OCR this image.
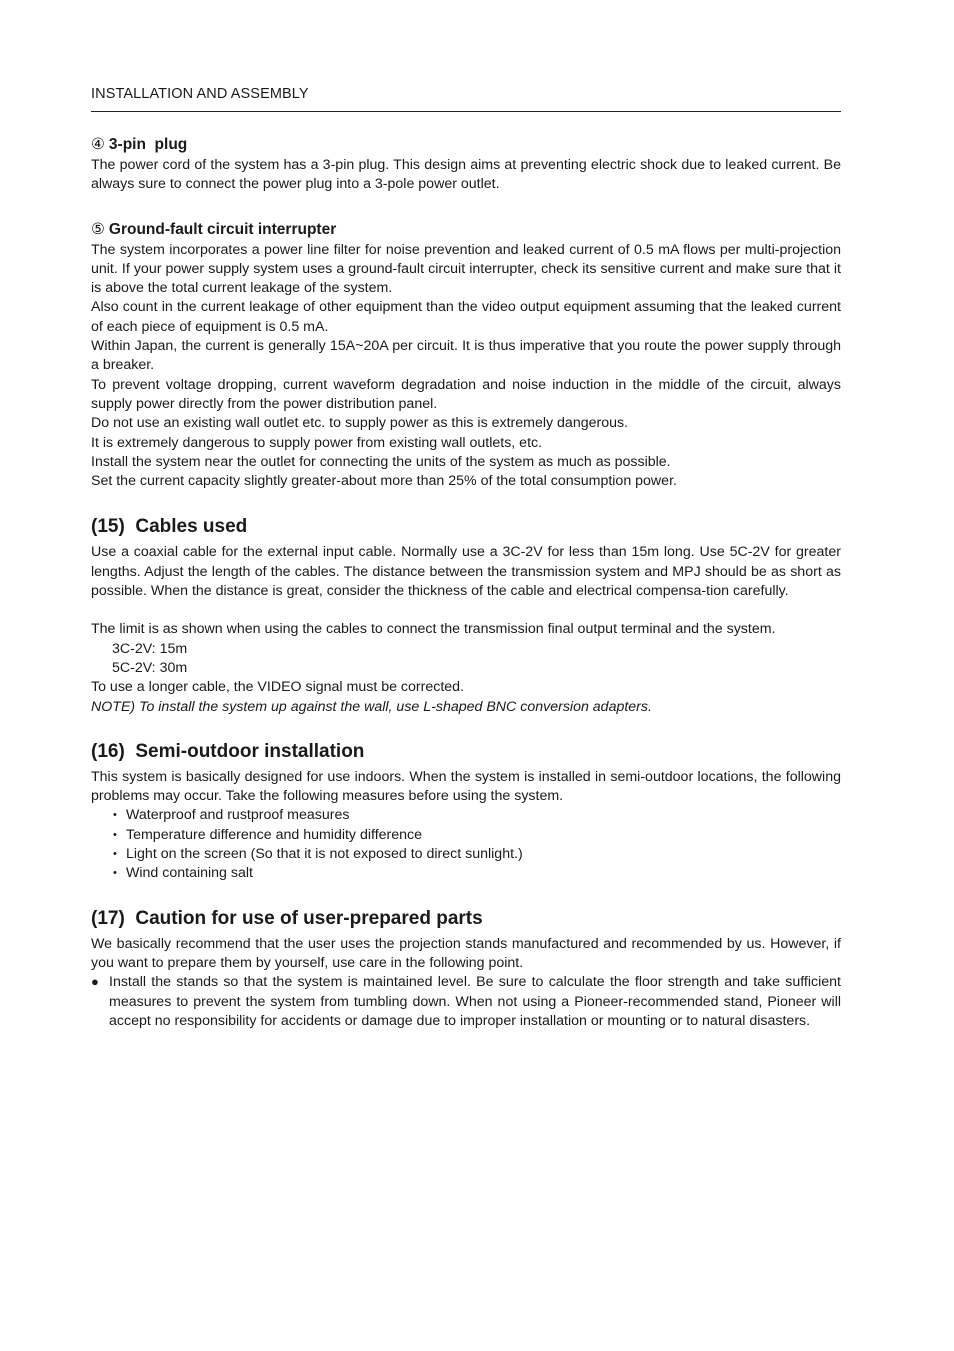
INSTALLATION AND ASSEMBLY
④ 3-pin  plug

The power cord of the system has a 3-pin plug. This design aims at preventing electric shock due to leaked current. Be always sure to connect the power plug into a 3-pole power outlet.

⑤ Ground-fault circuit interrupter

The system incorporates a power line filter for noise prevention and leaked current of 0.5 mA flows per multi-projection unit. If your power supply system uses a ground-fault circuit interrupter, check its sensitive current and make sure that it is above the total current leakage of the system.

Also count in the current leakage of other equipment than the video output equipment assuming that the leaked current of each piece of equipment is 0.5 mA.

Within Japan, the current is generally 15A~20A per circuit. It is thus imperative that you route the power supply through a breaker.

To prevent voltage dropping, current waveform degradation and noise induction in the middle of the circuit, always supply power directly from the power distribution panel.

Do not use an existing wall outlet etc. to supply power as this is extremely dangerous.

It is extremely dangerous to supply power from existing wall outlets, etc.

Install the system near the outlet for connecting the units of the system as much as possible.

Set the current capacity slightly greater-about more than 25% of the total consumption power.

(15)  Cables used

Use a coaxial cable for the external input cable. Normally use a 3C-2V for less than 15m long. Use 5C-2V for greater lengths. Adjust the length of the cables. The distance between the transmission system and MPJ should be as short as possible. When the distance is great, consider the thickness of the cable and electrical compensa-tion carefully.

The limit is as shown when using the cables to connect the transmission final output terminal and the system.

3C-2V: 15m

5C-2V: 30m

To use a longer cable, the VIDEO signal must be corrected.

NOTE) To install the system up against the wall, use L-shaped BNC conversion adapters.

(16)  Semi-outdoor installation

This system is basically designed for use indoors. When the system is installed in semi-outdoor locations, the following problems may occur. Take the following measures before using the system.

• Waterproof and rustproof measures
• Temperature difference and humidity difference
• Light on the screen (So that it is not exposed to direct sunlight.)
• Wind containing salt
(17)  Caution for use of user-prepared parts

We basically recommend that the user uses the projection stands manufactured and recommended by us. However, if you want to prepare them by yourself, use care in the following point.

● Install the stands so that the system is maintained level. Be sure to calculate the floor strength and take sufficient measures to prevent the system from tumbling down. When not using a Pioneer-recommended stand, Pioneer will accept no responsibility for accidents or damage due to improper installation or mounting or to natural disasters.
